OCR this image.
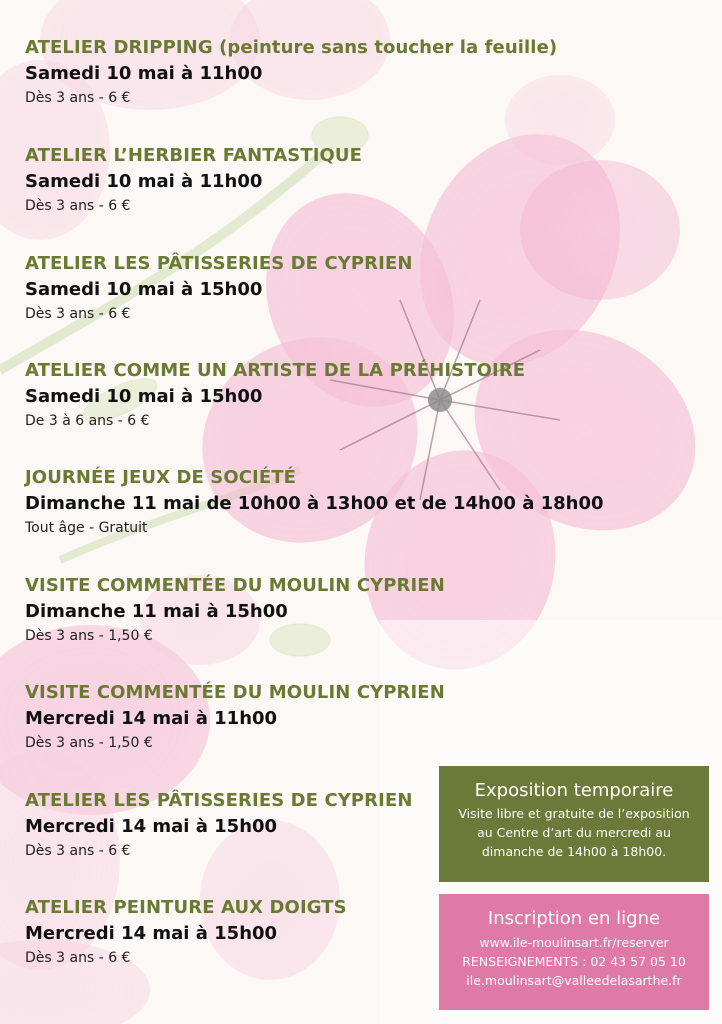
ATELIER DRIPPING (peinture sans toucher la feuille)
Samedi 10 mai à 11h00
Dès 3 ans - 6 €
ATELIER L’HERBIER FANTASTIQUE
Samedi 10 mai à 11h00
Dès 3 ans - 6 €
ATELIER LES PÂTISSERIES DE CYPRIEN
Samedi 10 mai à 15h00
Dès 3 ans - 6 €
ATELIER COMME UN ARTISTE DE LA PRÉHISTOIRE
Samedi 10 mai à 15h00
De 3 à 6 ans - 6 €
JOURNÉE JEUX DE SOCIÉTÉ
Dimanche 11 mai de 10h00 à 13h00 et de 14h00 à 18h00
Tout âge - Gratuit
VISITE COMMENTÉE DU MOULIN CYPRIEN
Dimanche 11 mai à 15h00
Dès 3 ans - 1,50 €
VISITE COMMENTÉE DU MOULIN CYPRIEN
Mercredi 14 mai à 11h00
Dès 3 ans - 1,50 €
ATELIER LES PÂTISSERIES DE CYPRIEN
Mercredi 14 mai à 15h00
Dès 3 ans - 6 €
ATELIER PEINTURE AUX DOIGTS
Mercredi 14 mai à 15h00
Dès 3 ans - 6 €
Exposition temporaire
Visite libre et gratuite de l’exposition
au Centre d’art du mercredi au
dimanche de 14h00 à 18h00.
Inscription en ligne
www.ile-moulinsart.fr/reserver
RENSEIGNEMENTS : 02 43 57 05 10
ile.moulinsart@valleedelasarthe.fr
